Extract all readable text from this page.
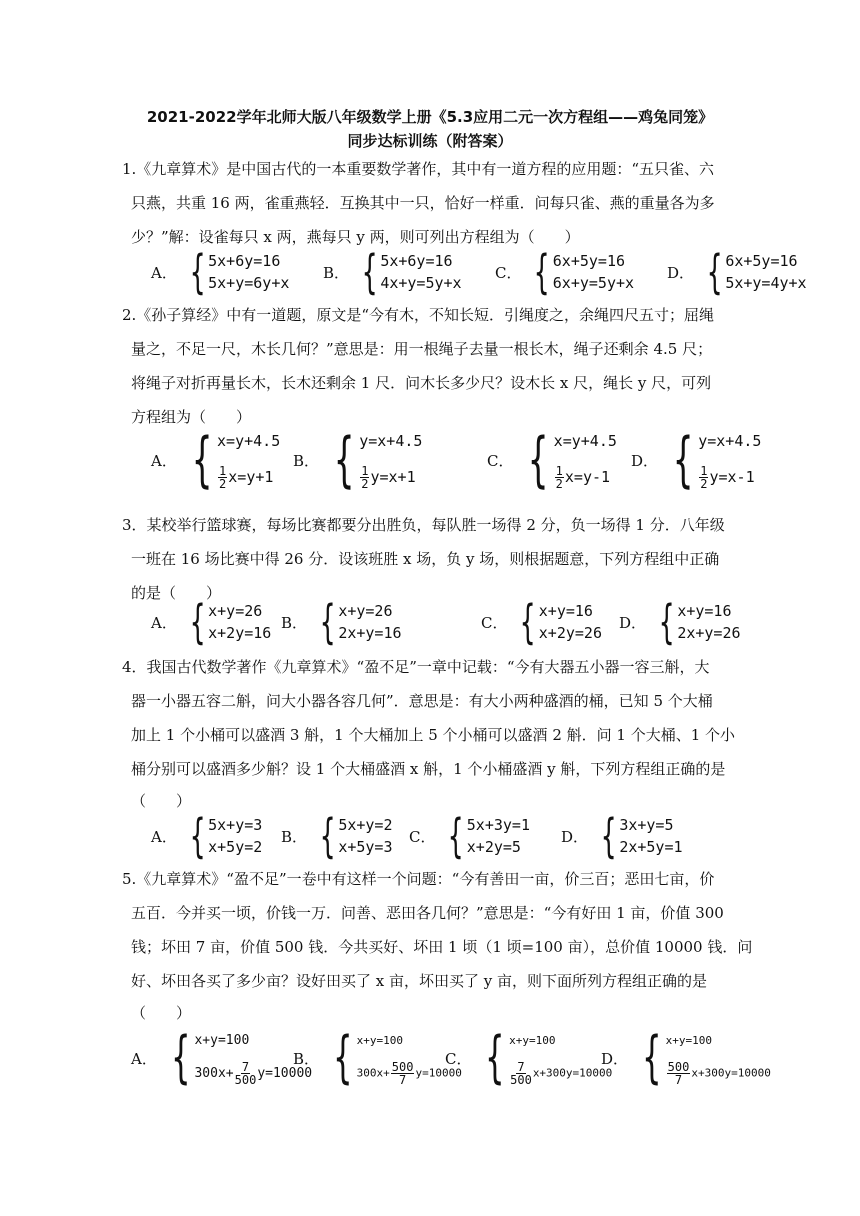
2021-2022学年北师大版八年级数学上册《5.3应用二元一次方程组——鸡兔同笼》
同步达标训练（附答案）
1.《九章算术》是中国古代的一本重要数学著作，其中有一道方程的应用题：“五只雀、六
只燕，共重 16 两，雀重燕轻．互换其中一只，恰好一样重．问每只雀、燕的重量各为多
少？”解：设雀每只 x 两，燕每只 y 两，则可列出方程组为（　　）
A． { 5x+6y=16
5x+y=6y+x
B． { 5x+6y=16
4x+y=5y+x
C． { 6x+5y=16
6x+y=5y+x
D． { 6x+5y=16
5x+y=4y+x
2.《孙子算经》中有一道题，原文是“今有木，不知长短．引绳度之，余绳四尺五寸；屈绳
量之，不足一尺，木长几何？”意思是：用一根绳子去量一根长木，绳子还剩余 4.5 尺；
将绳子对折再量长木，长木还剩余 1 尺．问木长多少尺？设木长 x 尺，绳长 y 尺，可列
方程组为（　　）
A． { x=y+4.5
$\frac{1}{2} x=y+1$
B． { y=x+4.5
$\frac{1}{2} y=x+1$
C． { x=y+4.5
$\frac{1}{2} x=y-1$
D． { y=x+4.5
$\frac{1}{2} y=x-1$
3．某校举行篮球赛，每场比赛都要分出胜负，每队胜一场得 2 分，负一场得 1 分．八年级
一班在 16 场比赛中得 26 分．设该班胜 x 场，负 y 场，则根据题意，下列方程组中正确
的是（　　）
A． { x+y=26
x+2y=16
B． { x+y=26
2x+y=16
C． { x+y=16
x+2y=26
D． { x+y=16
2x+y=26
4．我国古代数学著作《九章算术》“盈不足”一章中记载：“今有大器五小器一容三斛，大
器一小器五容二斛，问大小器各容几何”．意思是：有大小两种盛酒的桶，已知 5 个大桶
加上 1 个小桶可以盛酒 3 斛，1 个大桶加上 5 个小桶可以盛酒 2 斛．问 1 个大桶、1 个小
桶分别可以盛酒多少斛？设 1 个大桶盛酒 x 斛，1 个小桶盛酒 y 斛，下列方程组正确的是
（　　）
A． { 5x+y=3
x+5y=2
B． { 5x+y=2
x+5y=3
C． { 5x+3y=1
x+2y=5
D． { 3x+y=5
2x+5y=1
5.《九章算术》“盈不足”一卷中有这样一个问题：“今有善田一亩，价三百；恶田七亩，价
五百．今并买一顷，价钱一万．问善、恶田各几何？”意思是：“今有好田 1 亩，价值 300
钱；坏田 7 亩，价值 500 钱．今共买好、坏田 1 顷（1 顷=100 亩），总价值 10000 钱．问
好、坏田各买了多少亩？设好田买了 x 亩，坏田买了 y 亩，则下面所列方程组正确的是
（　　）
A． { x+y=100
$300x+ \frac{7}{500} y=10000$
B． { x+y=100
$300x+ \frac{500}{7} y=10000$
C． { x+y=100
$\frac{7}{500} x+300y=10000$
D． { x+y=100
$\frac{500}{7} x+300y=10000$
